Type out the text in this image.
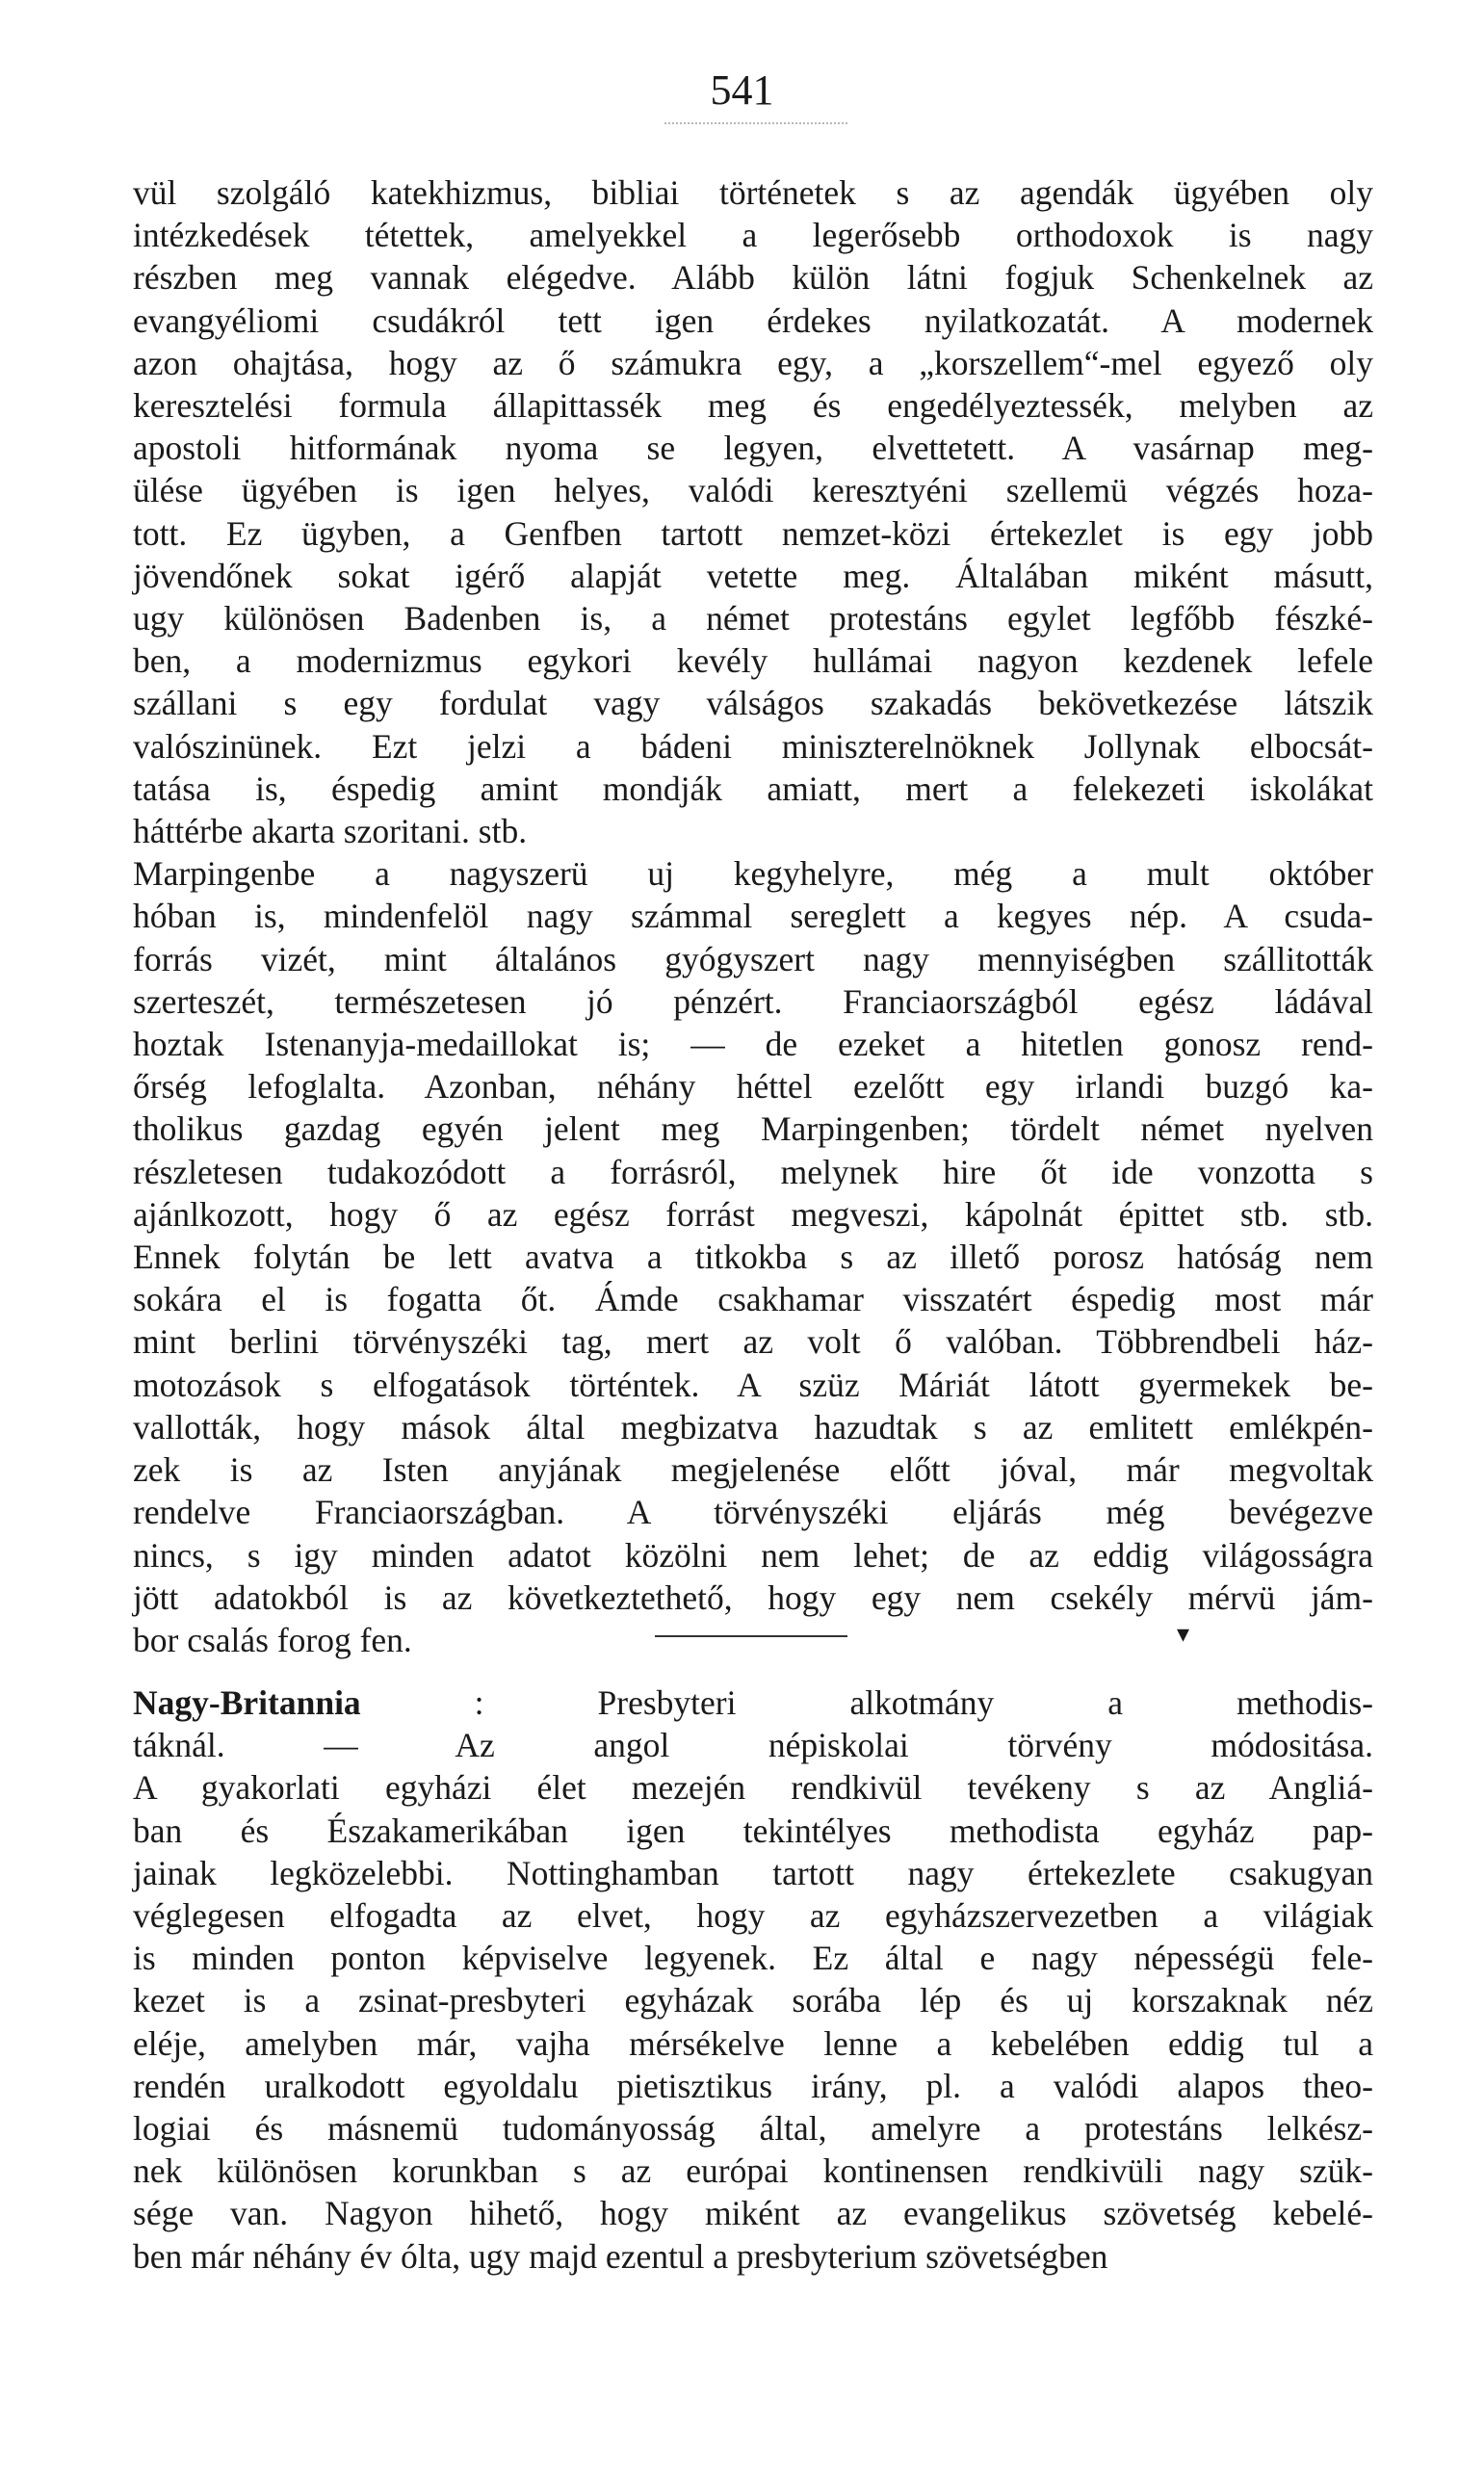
541
vül szolgáló katekhizmus, bibliai történetek s az agendák ügyében oly
intézkedések tétettek, amelyekkel a legerősebb orthodoxok is nagy
részben meg vannak elégedve. Alább külön látni fogjuk Schenkelnek az
evangyéliomi csudákról tett igen érdekes nyilatkozatát. A modernek
azon ohajtása, hogy az ő számukra egy, a „korszellem“-mel egyező oly
keresztelési formula állapittassék meg és engedélyeztessék, melyben az
apostoli hitformának nyoma se legyen, elvettetett. A vasárnap meg-
ülése ügyében is igen helyes, valódi keresztyéni szellemü végzés hoza-
tott. Ez ügyben, a Genfben tartott nemzet-közi értekezlet is egy jobb
jövendőnek sokat igérő alapját vetette meg. Általában miként másutt,
ugy különösen Badenben is, a német protestáns egylet legfőbb fészké-
ben, a modernizmus egykori kevély hullámai nagyon kezdenek lefele
szállani s egy fordulat vagy válságos szakadás bekövetkezése látszik
valószinünek. Ezt jelzi a bádeni miniszterelnöknek Jollynak elbocsát-
tatása is, éspedig amint mondják amiatt, mert a felekezeti iskolákat
háttérbe akarta szoritani. stb.
Marpingenbe a nagyszerü uj kegyhelyre, még a mult október
hóban is, mindenfelöl nagy számmal sereglett a kegyes nép. A csuda-
forrás vizét, mint általános gyógyszert nagy mennyiségben szállitották
szerteszét, természetesen jó pénzért. Franciaországból egész ládával
hoztak Istenanyja-medaillokat is; — de ezeket a hitetlen gonosz rend-
őrség lefoglalta. Azonban, néhány héttel ezelőtt egy irlandi buzgó ka-
tholikus gazdag egyén jelent meg Marpingenben; tördelt német nyelven
részletesen tudakozódott a forrásról, melynek hire őt ide vonzotta s
ajánlkozott, hogy ő az egész forrást megveszi, kápolnát épittet stb. stb.
Ennek folytán be lett avatva a titkokba s az illető porosz hatóság nem
sokára el is fogatta őt. Ámde csakhamar visszatért éspedig most már
mint berlini törvényszéki tag, mert az volt ő valóban. Többrendbeli ház-
motozások s elfogatások történtek. A szüz Máriát látott gyermekek be-
vallották, hogy mások által megbizatva hazudtak s az emlitett emlékpén-
zek is az Isten anyjának megjelenése előtt jóval, már megvoltak
rendelve Franciaországban. A törvényszéki eljárás még bevégezve
nincs, s igy minden adatot közölni nem lehet; de az eddig világosságra
jött adatokból is az következtethető, hogy egy nem csekély mérvü jám-
bor csalás forog fen.	▾
Nagy-Britannia	: Presbyteri alkotmány a methodis-
táknál. — Az angol népiskolai törvény módositása.
A gyakorlati egyházi élet mezején rendkivül tevékeny s az Angliá-
ban és Északamerikában igen tekintélyes methodista egyház pap-
jainak legközelebbi. Nottinghamban tartott nagy értekezlete csakugyan
véglegesen elfogadta az elvet, hogy az egyházszervezetben a világiak
is minden ponton képviselve legyenek. Ez által e nagy népességü fele-
kezet is a zsinat-presbyteri egyházak sorába lép és uj korszaknak néz
eléje, amelyben már, vajha mérsékelve lenne a kebelében eddig tul a
rendén uralkodott egyoldalu pietisztikus irány, pl. a valódi alapos theo-
logiai és másnemü tudományosság által, amelyre a protestáns lelkész-
nek különösen korunkban s az európai kontinensen rendkivüli nagy szük-
sége van. Nagyon hihető, hogy miként az evangelikus szövetség kebelé-
ben már néhány év ólta, ugy majd ezentul a presbyterium szövetségben
